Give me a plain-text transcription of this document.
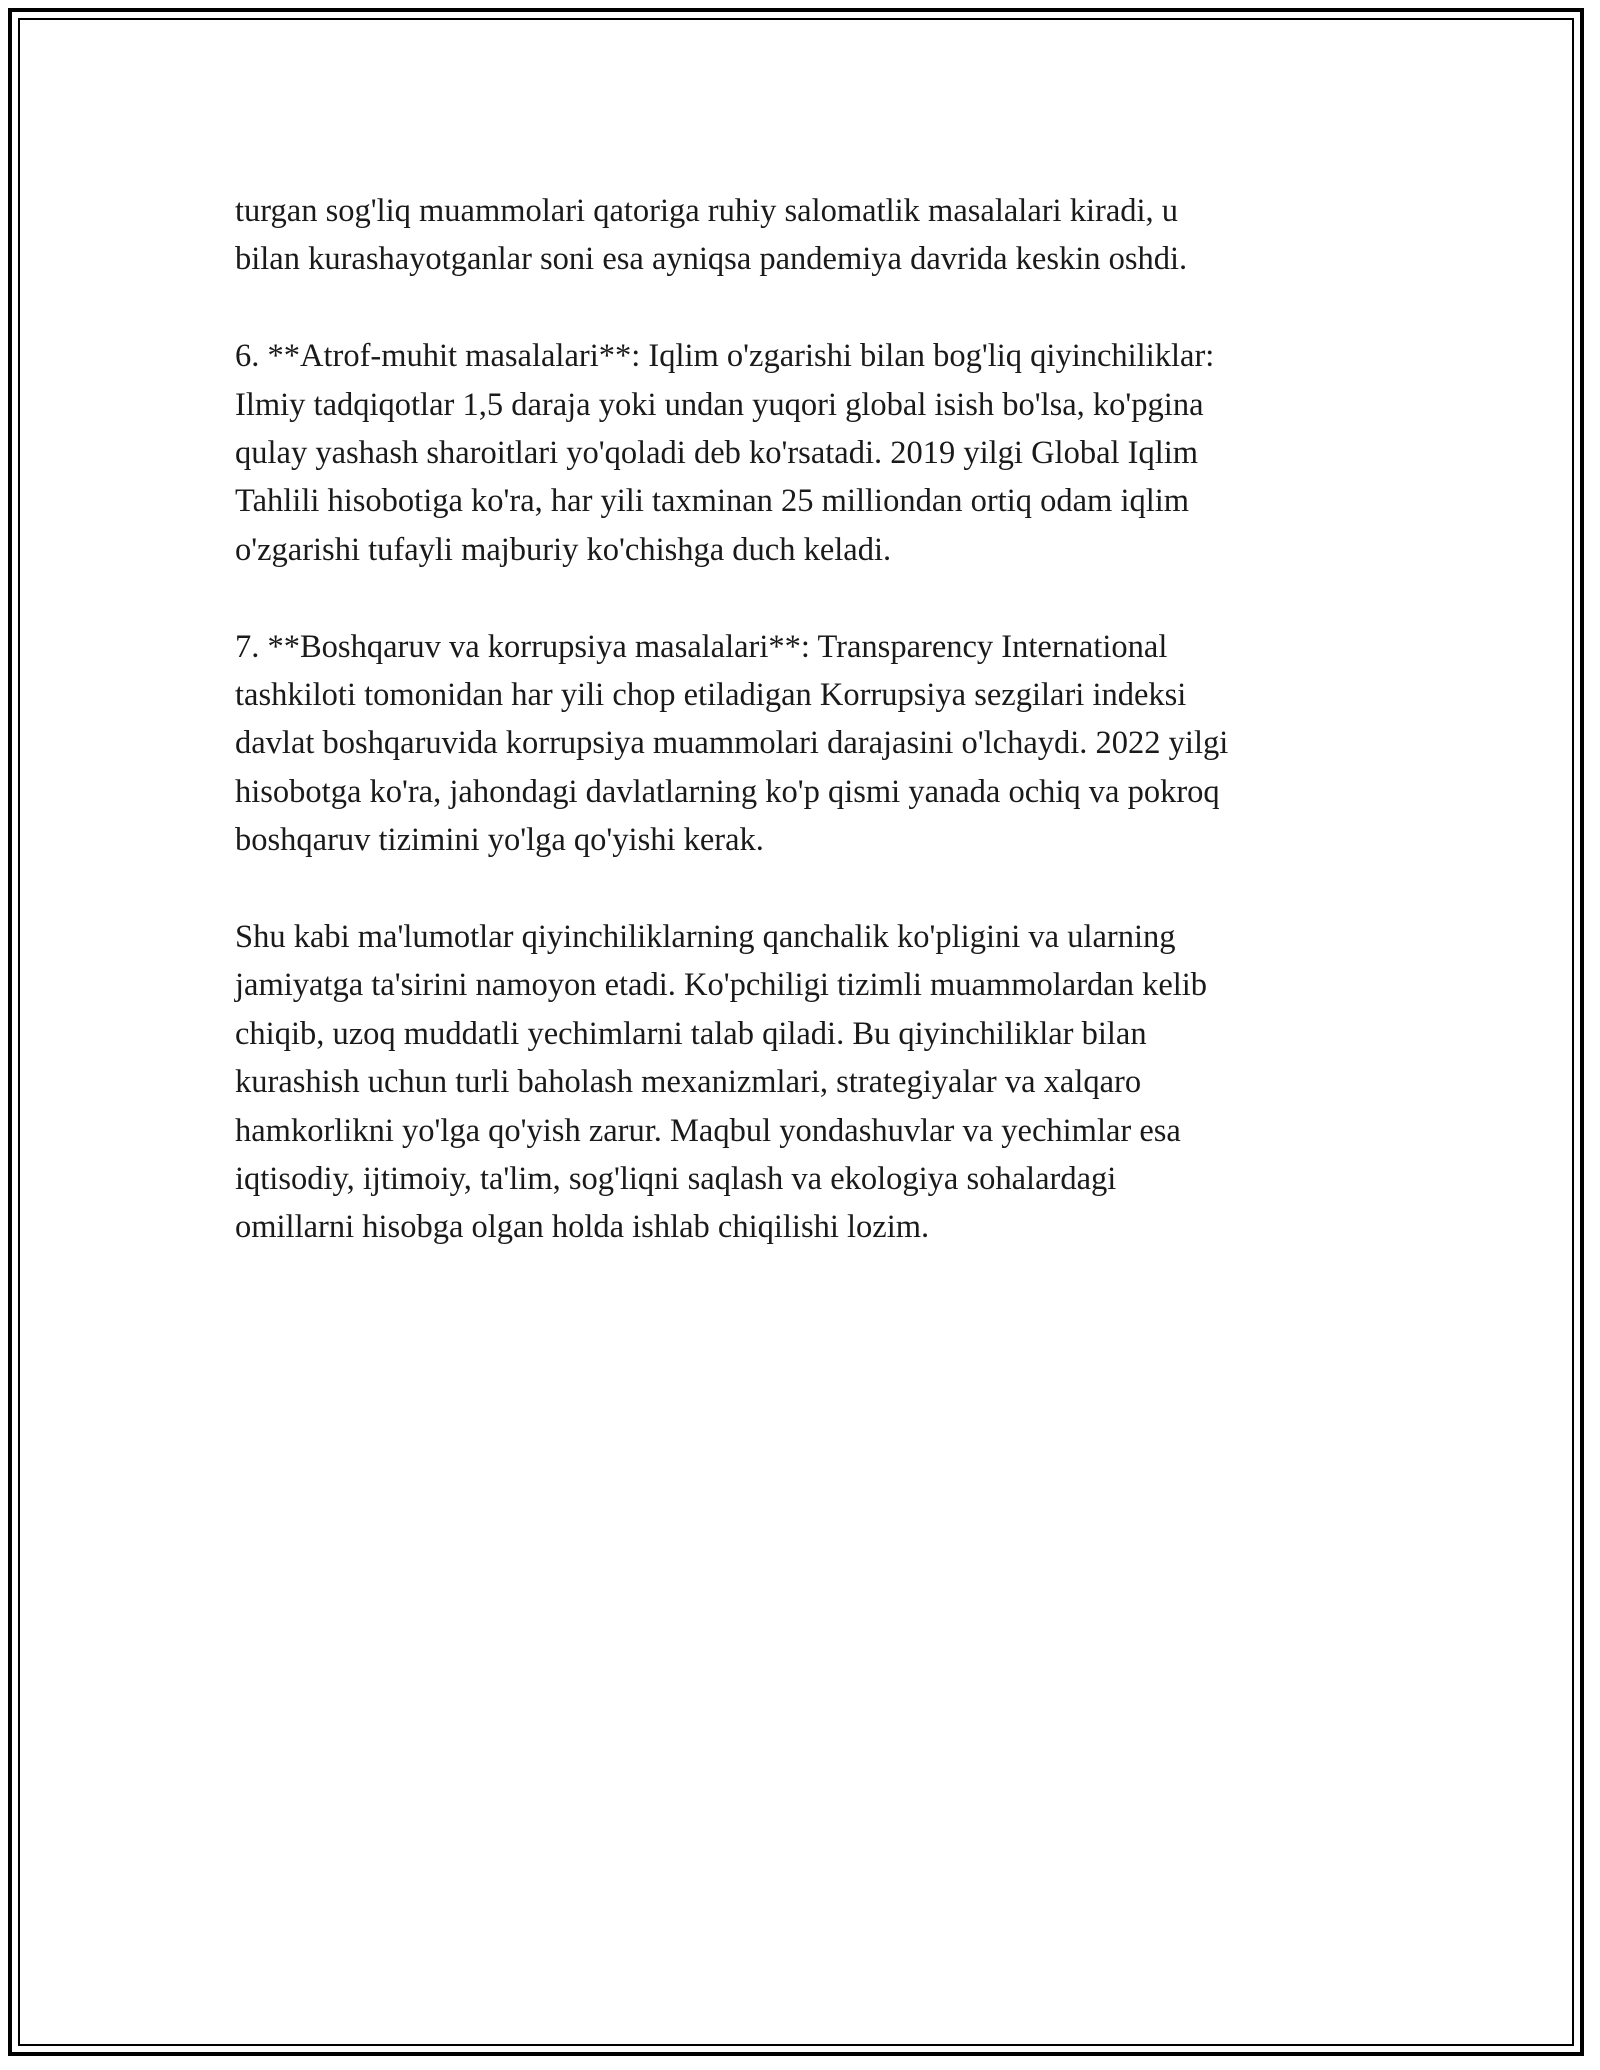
turgan sog'liq muammolari qatoriga ruhiy salomatlik masalalari kiradi, u
bilan kurashayotganlar soni esa ayniqsa pandemiya davrida keskin oshdi.

6. **Atrof-muhit masalalari**: Iqlim o'zgarishi bilan bog'liq qiyinchiliklar:
Ilmiy tadqiqotlar 1,5 daraja yoki undan yuqori global isish bo'lsa, ko'pgina
qulay yashash sharoitlari yo'qoladi deb ko'rsatadi. 2019 yilgi Global Iqlim
Tahlili hisobotiga ko'ra, har yili taxminan 25 milliondan ortiq odam iqlim
o'zgarishi tufayli majburiy ko'chishga duch keladi.

7. **Boshqaruv va korrupsiya masalalari**: Transparency International
tashkiloti tomonidan har yili chop etiladigan Korrupsiya sezgilari indeksi
davlat boshqaruvida korrupsiya muammolari darajasini o'lchaydi. 2022 yilgi
hisobotga ko'ra, jahondagi davlatlarning ko'p qismi yanada ochiq va pokroq
boshqaruv tizimini yo'lga qo'yishi kerak.

Shu kabi ma'lumotlar qiyinchiliklarning qanchalik ko'pligini va ularning
jamiyatga ta'sirini namoyon etadi. Ko'pchiligi tizimli muammolardan kelib
chiqib, uzoq muddatli yechimlarni talab qiladi. Bu qiyinchiliklar bilan
kurashish uchun turli baholash mexanizmlari, strategiyalar va xalqaro
hamkorlikni yo'lga qo'yish zarur. Maqbul yondashuvlar va yechimlar esa
iqtisodiy, ijtimoiy, ta'lim, sog'liqni saqlash va ekologiya sohalardagi
omillarni hisobga olgan holda ishlab chiqilishi lozim.
